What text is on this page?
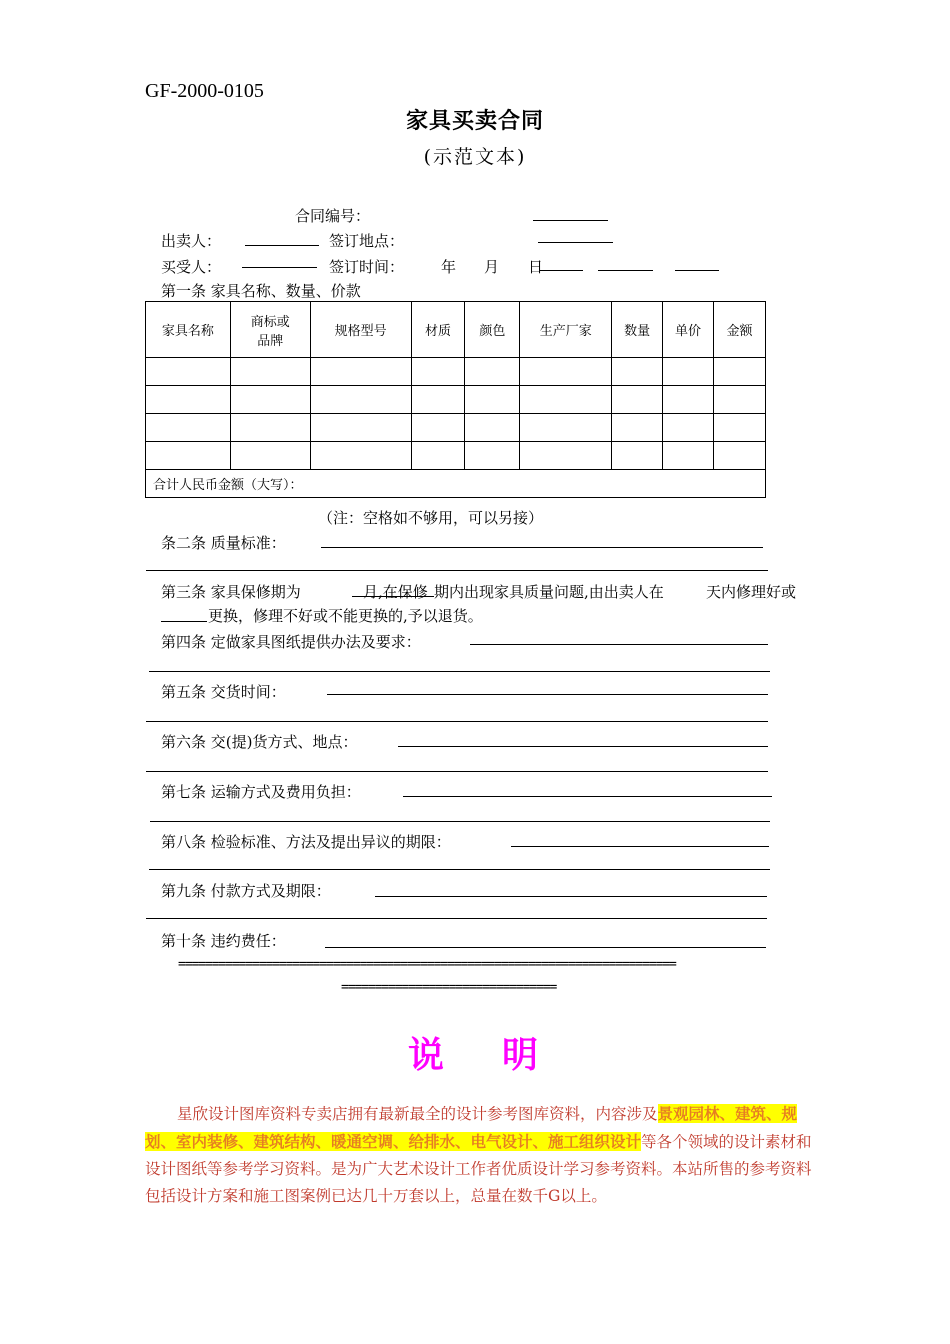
GF-2000-0105
家具买卖合同
(示范文本)
合同编号：
出卖人：	签订地点：
买受人：	签订时间： 年 月 日
第一条 家具名称、数量、价款
家具名称	商标或
品牌	规格型号	材质	颜色	生产厂家	数量	单价	金额

合计人民币金额（大写）：								
（注：空格如不够用，可以另接）
条二条 质量标准：
第三条 家具保修期为	月,在保修 期内出现家具质量问题,由出卖人在	天内修理好或
更换，修理不好或不能更换的,予以退货。
第四条 定做家具图纸提供办法及要求：
第五条 交货时间：
第六条 交(提)货方式、地点：
第七条 运输方式及费用负担：
第八条 检验标准、方法及提出异议的期限：
第九条 付款方式及期限：
第十条 违约费任：
==========================================================================
================================
说 明
星欣设计图库资料专卖店拥有最新最全的设计参考图库资料，内容涉及景观园林、建筑、规划、室内装修、建筑结构、暖通空调、给排水、电气设计、施工组织设计等各个领域的设计素材和设计图纸等参考学习资料。是为广大艺术设计工作者优质设计学习参考资料。本站所售的参考资料包括设计方案和施工图案例已达几十万套以上，总量在数千G以上。
